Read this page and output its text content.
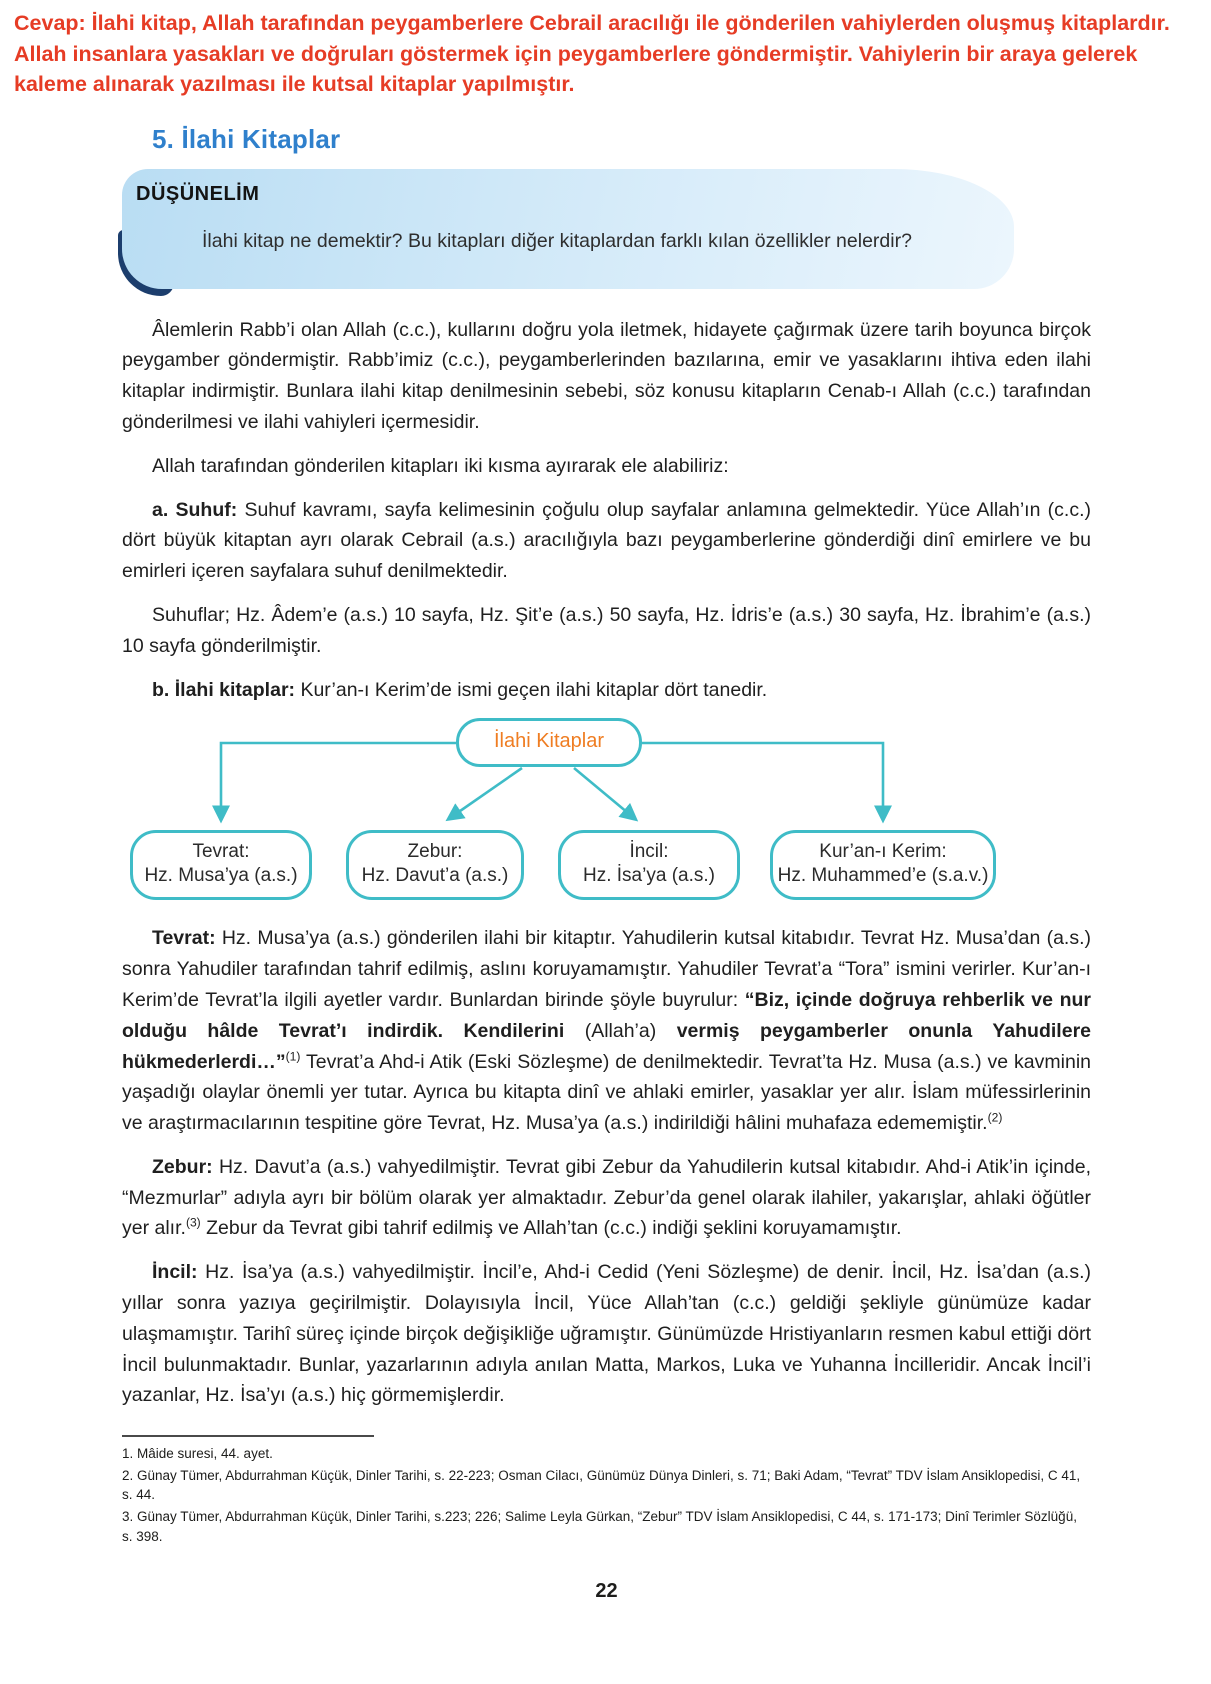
Cevap: İlahi kitap, Allah tarafından peygamberlere Cebrail aracılığı ile gönderilen vahiylerden oluşmuş kitaplardır. Allah insanlara yasakları ve doğruları göstermek için peygamberlere göndermiştir. Vahiylerin bir araya gelerek kaleme alınarak yazılması ile kutsal kitaplar yapılmıştır.
5. İlahi Kitaplar
DÜŞÜNELİM
İlahi kitap ne demektir? Bu kitapları diğer kitaplardan farklı kılan özellikler nelerdir?

Âlemlerin Rabb’i olan Allah (c.c.), kullarını doğru yola iletmek, hidayete çağırmak üzere tarih boyunca birçok peygamber göndermiştir. Rabb’imiz (c.c.), peygamberlerinden bazılarına, emir ve yasaklarını ihtiva eden ilahi kitaplar indirmiştir. Bunlara ilahi kitap denilmesinin sebebi, söz konusu kitapların Cenab-ı Allah (c.c.) tarafından gönderilmesi ve ilahi vahiyleri içermesidir.

Allah tarafından gönderilen kitapları iki kısma ayırarak ele alabiliriz:

a. Suhuf: Suhuf kavramı, sayfa kelimesinin çoğulu olup sayfalar anlamına gelmektedir. Yüce Allah’ın (c.c.) dört büyük kitaptan ayrı olarak Cebrail (a.s.) aracılığıyla bazı peygamberlerine gönderdiği dinî emirlere ve bu emirleri içeren sayfalara suhuf denilmektedir.

Suhuflar; Hz. Âdem’e (a.s.) 10 sayfa, Hz. Şit’e (a.s.) 50 sayfa, Hz. İdris’e (a.s.) 30 sayfa, Hz. İbrahim’e (a.s.) 10 sayfa gönderilmiştir.

b. İlahi kitaplar: Kur’an-ı Kerim’de ismi geçen ilahi kitaplar dört tanedir.

İlahi Kitaplar
Tevrat:
Hz. Musa’ya (a.s.)
Zebur:
Hz. Davut’a (a.s.)
İncil:
Hz. İsa’ya (a.s.)
Kur’an-ı Kerim:
Hz. Muhammed’e (s.a.v.)

Tevrat: Hz. Musa’ya (a.s.) gönderilen ilahi bir kitaptır. Yahudilerin kutsal kitabıdır. Tevrat Hz. Musa’dan (a.s.) sonra Yahudiler tarafından tahrif edilmiş, aslını koruyamamıştır. Yahudiler Tevrat’a “Tora” ismini verirler. Kur’an-ı Kerim’de Tevrat’la ilgili ayetler vardır. Bunlardan birinde şöyle buyrulur: “Biz, içinde doğruya rehberlik ve nur olduğu hâlde Tevrat’ı indirdik. Kendilerini (Allah’a) vermiş peygamberler onunla Yahudilere hükmederlerdi…”$^{(1)}$ Tevrat’a Ahd-i Atik (Eski Sözleşme) de denilmektedir. Tevrat’ta Hz. Musa (a.s.) ve kavminin yaşadığı olaylar önemli yer tutar. Ayrıca bu kitapta dinî ve ahlaki emirler, yasaklar yer alır. İslam müfessirlerinin ve araştırmacılarının tespitine göre Tevrat, Hz. Musa’ya (a.s.) indirildiği hâlini muhafaza edememiştir.$^{(2)}$

Zebur: Hz. Davut’a (a.s.) vahyedilmiştir. Tevrat gibi Zebur da Yahudilerin kutsal kitabıdır. Ahd-i Atik’in içinde, “Mezmurlar” adıyla ayrı bir bölüm olarak yer almaktadır. Zebur’da genel olarak ilahiler, yakarışlar, ahlaki öğütler yer alır.$^{(3)}$ Zebur da Tevrat gibi tahrif edilmiş ve Allah’tan (c.c.) indiği şeklini koruyamamıştır.

İncil: Hz. İsa’ya (a.s.) vahyedilmiştir. İncil’e, Ahd-i Cedid (Yeni Sözleşme) de denir. İncil, Hz. İsa’dan (a.s.) yıllar sonra yazıya geçirilmiştir. Dolayısıyla İncil, Yüce Allah’tan (c.c.) geldiği şekliyle günümüze kadar ulaşmamıştır. Tarihî süreç içinde birçok değişikliğe uğramıştır. Günümüzde Hristiyanların resmen kabul ettiği dört İncil bulunmaktadır. Bunlar, yazarlarının adıyla anılan Matta, Markos, Luka ve Yuhanna İncilleridir. Ancak İncil’i yazanlar, Hz. İsa’yı (a.s.) hiç görmemişlerdir.

1. Mâide suresi, 44. ayet.
2. Günay Tümer, Abdurrahman Küçük, Dinler Tarihi, s. 22-223; Osman Cilacı, Günümüz Dünya Dinleri, s. 71; Baki Adam, “Tevrat” TDV İslam Ansiklopedisi, C 41, s. 44.
3. Günay Tümer, Abdurrahman Küçük, Dinler Tarihi, s.223; 226; Salime Leyla Gürkan, “Zebur” TDV İslam Ansiklopedisi, C 44, s. 171-173; Dinî Terimler Sözlüğü, s. 398.
22
